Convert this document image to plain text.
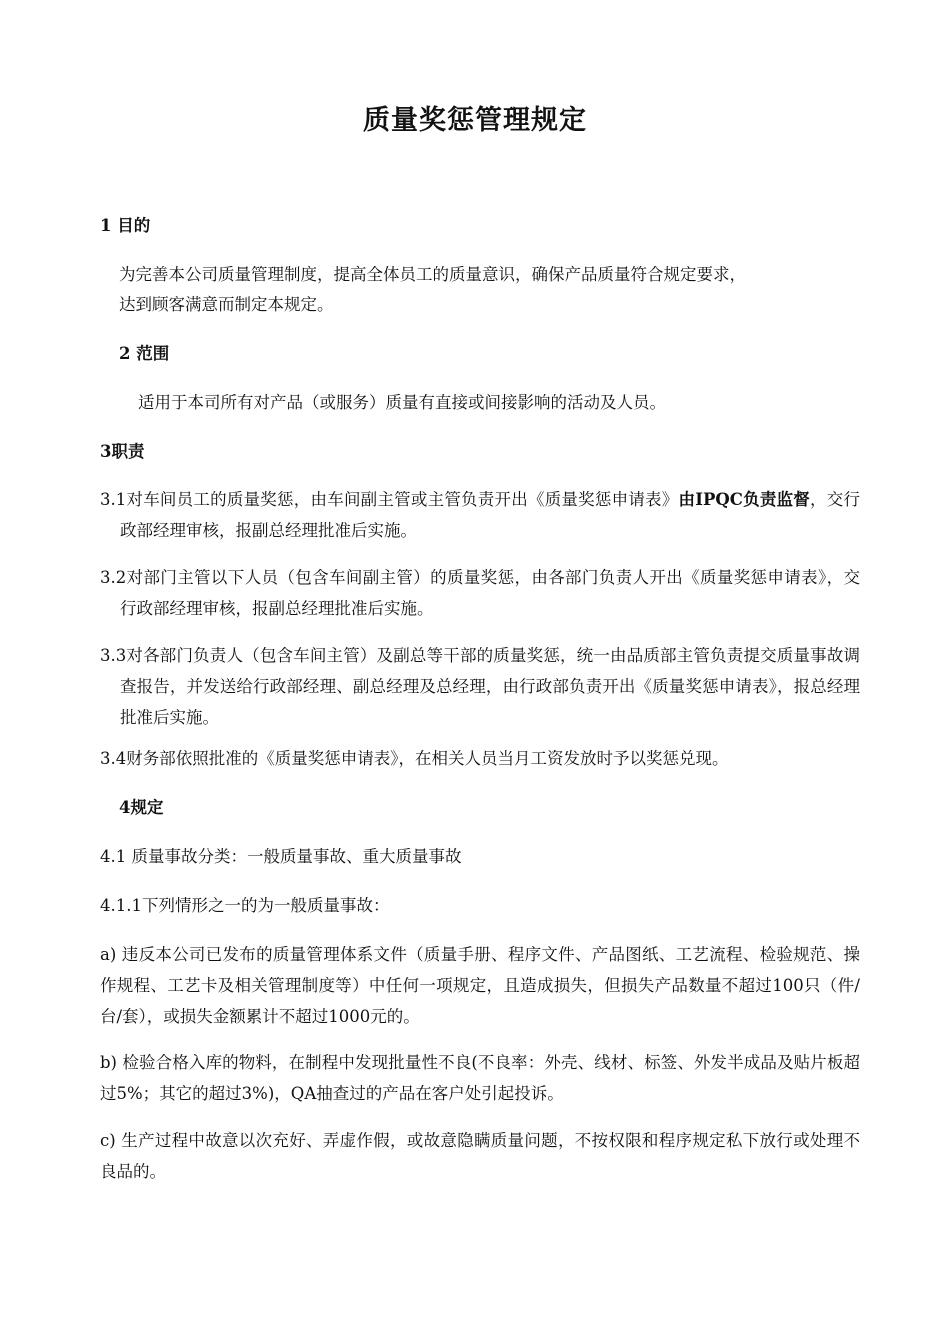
质量奖惩管理规定
1 目的
为完善本公司质量管理制度，提高全体员工的质量意识，确保产品质量符合规定要求，
达到顾客满意而制定本规定。
2 范围
适用于本司所有对产品（或服务）质量有直接或间接影响的活动及人员。
3职责
3.1对车间员工的质量奖惩，由车间副主管或主管负责开出《质量奖惩申请表》由IPQC负责监督，交行政部经理审核，报副总经理批准后实施。
3.2对部门主管以下人员（包含车间副主管）的质量奖惩，由各部门负责人开出《质量奖惩申请表》，交行政部经理审核，报副总经理批准后实施。
3.3对各部门负责人（包含车间主管）及副总等干部的质量奖惩，统一由品质部主管负责提交质量事故调查报告，并发送给行政部经理、副总经理及总经理，由行政部负责开出《质量奖惩申请表》，报总经理批准后实施。
3.4财务部依照批准的《质量奖惩申请表》，在相关人员当月工资发放时予以奖惩兑现。
4规定
4.1 质量事故分类：一般质量事故、重大质量事故
4.1.1下列情形之一的为一般质量事故：
a) 违反本公司已发布的质量管理体系文件（质量手册、程序文件、产品图纸、工艺流程、检验规范、操作规程、工艺卡及相关管理制度等）中任何一项规定，且造成损失，但损失产品数量不超过100只（件/台/套），或损失金额累计不超过1000元的。
b) 检验合格入库的物料，在制程中发现批量性不良(不良率：外壳、线材、标签、外发半成品及贴片板超过5%；其它的超过3%)，QA抽查过的产品在客户处引起投诉。
c) 生产过程中故意以次充好、弄虚作假，或故意隐瞒质量问题，不按权限和程序规定私下放行或处理不良品的。
